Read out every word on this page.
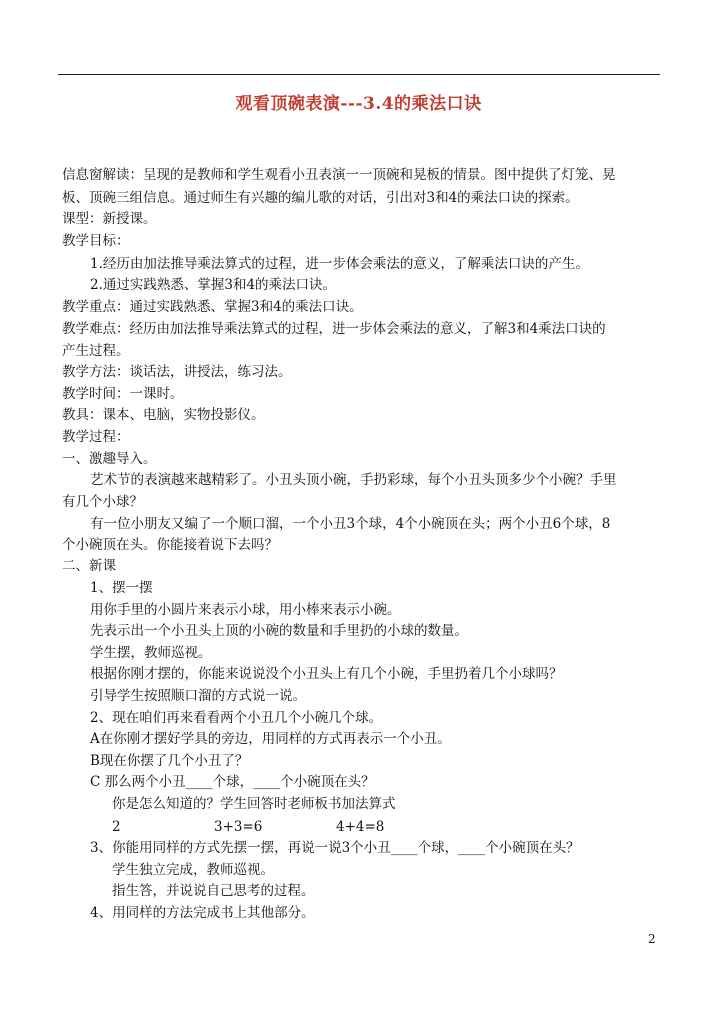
观看顶碗表演---3.4的乘法口诀
信息窗解读：呈现的是教师和学生观看小丑表演一一顶碗和晃板的情景。图中提供了灯笼、晃
板、顶碗三组信息。通过师生有兴趣的编儿歌的对话，引出对3和4的乘法口诀的探索。
课型：新授课。
教学目标：
1.经历由加法推导乘法算式的过程，进一步体会乘法的意义，了解乘法口诀的产生。
2.通过实践熟悉、掌握3和4的乘法口诀。
教学重点：通过实践熟悉、掌握3和4的乘法口诀。
教学难点：经历由加法推导乘法算式的过程，进一步体会乘法的意义，了解3和4乘法口诀的
产生过程。
教学方法：谈话法，讲授法，练习法。
教学时间：一课时。
教具：课本、电脑，实物投影仪。
教学过程：
一、激趣导入。
艺术节的表演越来越精彩了。小丑头顶小碗，手扔彩球，每个小丑头顶多少个小碗？手里
有几个小球？
有一位小朋友又编了一个顺口溜，一个小丑3个球，4个小碗顶在头；两个小丑6个球，8
个小碗顶在头。你能接着说下去吗？
二、新课
1、摆一摆
用你手里的小圆片来表示小球，用小棒来表示小碗。
先表示出一个小丑头上顶的小碗的数量和手里扔的小球的数量。
学生摆，教师巡视。
根据你刚才摆的，你能来说说没个小丑头上有几个小碗，手里扔着几个小球吗？
引导学生按照顺口溜的方式说一说。
2、现在咱们再来看看两个小丑几个小碗几个球。
A在你刚才摆好学具的旁边，用同样的方式再表示一个小丑。
B现在你摆了几个小丑了？
C 那么两个小丑____个球，____个小碗顶在头？
你是怎么知道的？学生回答时老师板书加法算式
2	3+3=6	4+4=8
3、你能用同样的方式先摆一摆，再说一说3个小丑____个球，____个小碗顶在头？
学生独立完成，教师巡视。
指生答，并说说自己思考的过程。
4、用同样的方法完成书上其他部分。
2
